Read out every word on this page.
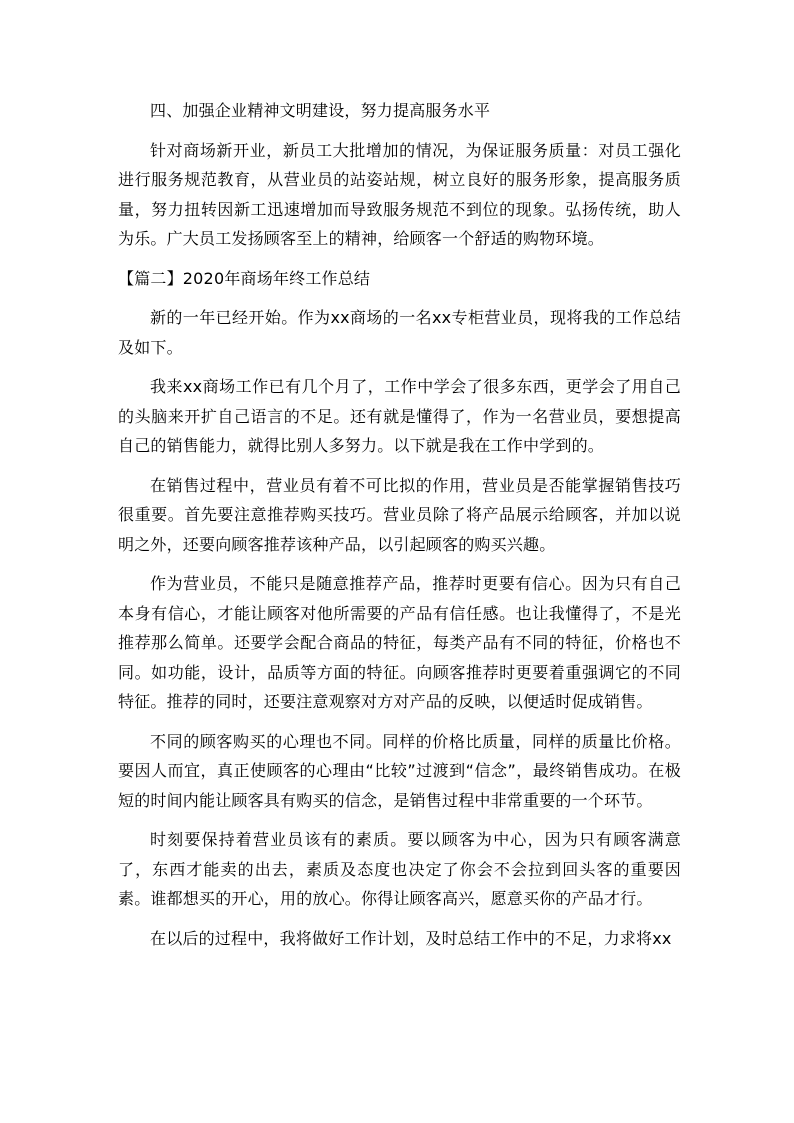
四、加强企业精神文明建设，努力提高服务水平

针对商场新开业，新员工大批增加的情况，为保证服务质量：对员工强化进行服务规范教育，从营业员的站姿站规，树立良好的服务形象，提高服务质量，努力扭转因新工迅速增加而导致服务规范不到位的现象。弘扬传统，助人为乐。广大员工发扬顾客至上的精神，给顾客一个舒适的购物环境。

【篇二】2020年商场年终工作总结

新的一年已经开始。作为xx商场的一名xx专柜营业员，现将我的工作总结及如下。

我来xx商场工作已有几个月了，工作中学会了很多东西，更学会了用自己的头脑来开扩自己语言的不足。还有就是懂得了，作为一名营业员，要想提高自己的销售能力，就得比别人多努力。以下就是我在工作中学到的。

在销售过程中，营业员有着不可比拟的作用，营业员是否能掌握销售技巧很重要。首先要注意推荐购买技巧。营业员除了将产品展示给顾客，并加以说明之外，还要向顾客推荐该种产品，以引起顾客的购买兴趣。

作为营业员，不能只是随意推荐产品，推荐时更要有信心。因为只有自己本身有信心，才能让顾客对他所需要的产品有信任感。也让我懂得了，不是光推荐那么简单。还要学会配合商品的特征，每类产品有不同的特征，价格也不同。如功能，设计，品质等方面的特征。向顾客推荐时更要着重强调它的不同特征。推荐的同时，还要注意观察对方对产品的反映，以便适时促成销售。

不同的顾客购买的心理也不同。同样的价格比质量，同样的质量比价格。要因人而宜，真正使顾客的心理由“比较”过渡到“信念”，最终销售成功。在极短的时间内能让顾客具有购买的信念，是销售过程中非常重要的一个环节。

时刻要保持着营业员该有的素质。要以顾客为中心，因为只有顾客满意了，东西才能卖的出去，素质及态度也决定了你会不会拉到回头客的重要因素。谁都想买的开心，用的放心。你得让顾客高兴，愿意买你的产品才行。

在以后的过程中，我将做好工作计划，及时总结工作中的不足，力求将xx
